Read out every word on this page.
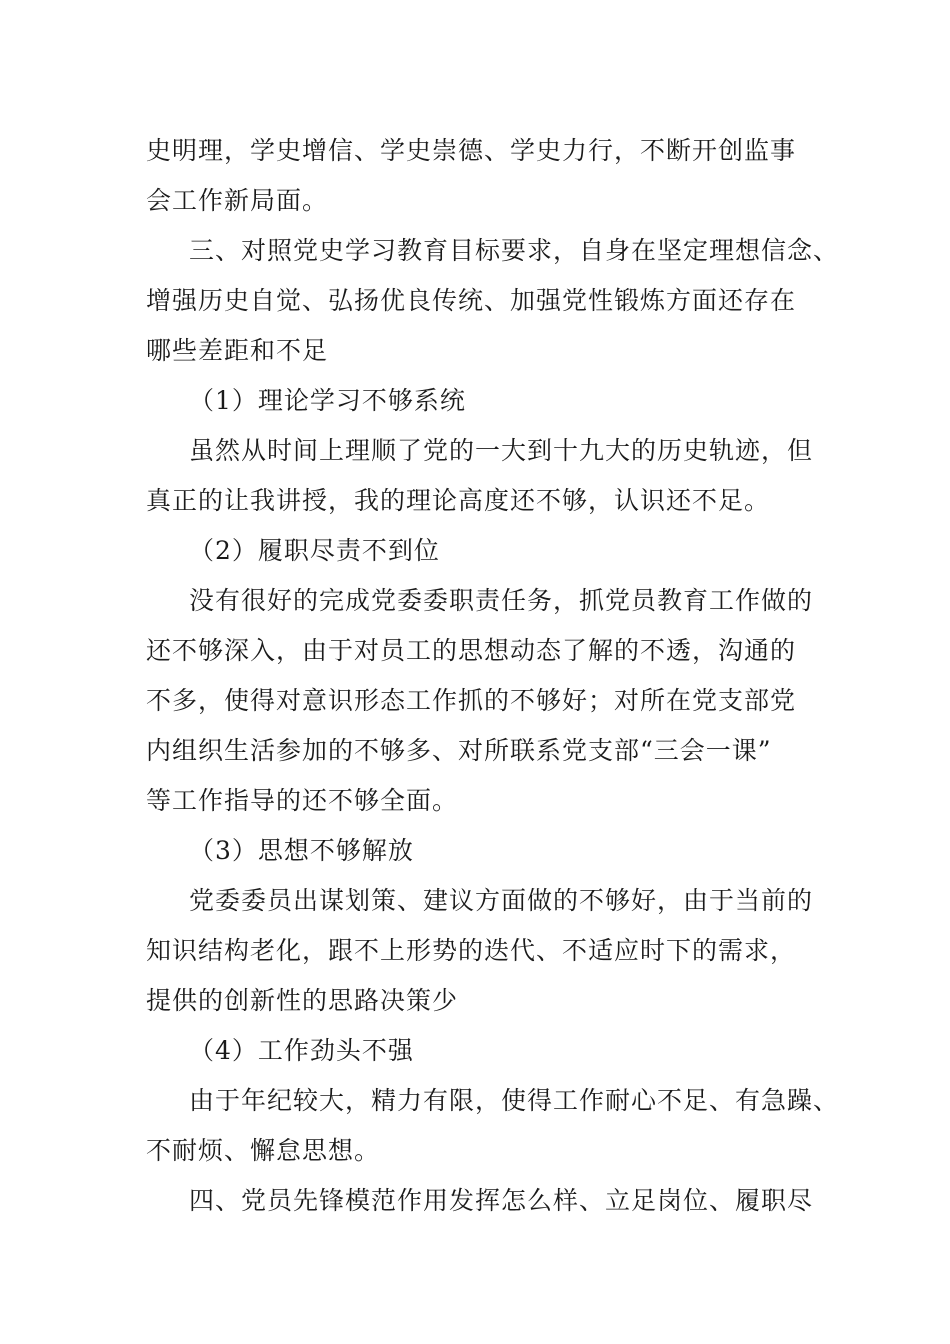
史明理，学史增信、学史崇德、学史力行，不断开创监事
会工作新局面。
三、对照党史学习教育目标要求，自身在坚定理想信念、
增强历史自觉、弘扬优良传统、加强党性锻炼方面还存在
哪些差距和不足
（1）理论学习不够系统
虽然从时间上理顺了党的一大到十九大的历史轨迹，但
真正的让我讲授，我的理论高度还不够，认识还不足。
（2）履职尽责不到位
没有很好的完成党委委职责任务，抓党员教育工作做的
还不够深入，由于对员工的思想动态了解的不透，沟通的
不多，使得对意识形态工作抓的不够好；对所在党支部党
内组织生活参加的不够多、对所联系党支部“三会一课”
等工作指导的还不够全面。
（3）思想不够解放
党委委员出谋划策、建议方面做的不够好，由于当前的
知识结构老化，跟不上形势的迭代、不适应时下的需求，
提供的创新性的思路决策少
（4）工作劲头不强
由于年纪较大，精力有限，使得工作耐心不足、有急躁、
不耐烦、懈怠思想。
四、党员先锋模范作用发挥怎么样、立足岗位、履职尽
